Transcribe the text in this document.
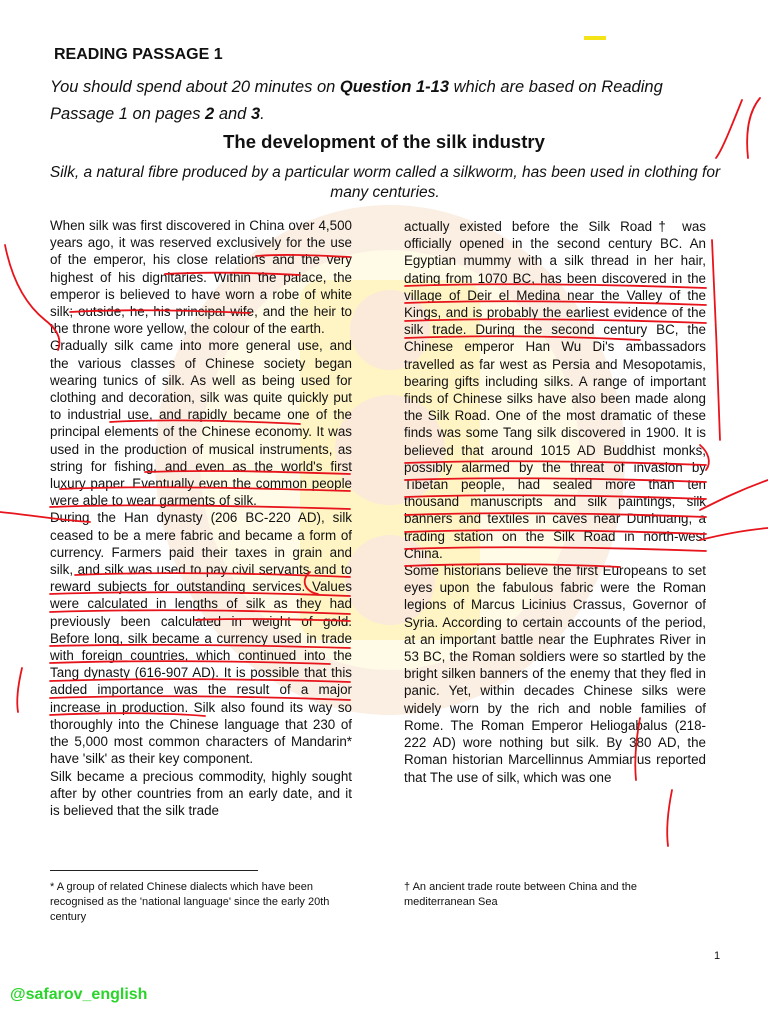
READING PASSAGE 1
You should spend about 20 minutes on Question 1-13 which are based on Reading Passage 1 on pages 2 and 3.
The development of the silk industry
Silk, a natural fibre produced by a particular worm called a silkworm, has been used in clothing for many centuries.

When silk was first discovered in China over 4,500 years ago, it was reserved exclusively for the use of the emperor, his close relations and the very highest of his dignitaries. Within the palace, the emperor is believed to have worn a robe of white silk; outside, he, his principal wife, and the heir to the throne wore yellow, the colour of the earth.

Gradually silk came into more general use, and the various classes of Chinese society began wearing tunics of silk. As well as being used for clothing and decoration, silk was quite quickly put to industrial use, and rapidly became one of the principal elements of the Chinese economy. It was used in the production of musical instruments, as string for fishing, and even as the world's first luxury paper. Eventually even the common people were able to wear garments of silk.

During the Han dynasty (206 BC-220 AD), silk ceased to be a mere fabric and became a form of currency. Farmers paid their taxes in grain and silk, and silk was used to pay civil servants and to reward subjects for outstanding services. Values were calculated in lengths of silk as they had previously been calculated in weight of gold. Before long, silk became a currency used in trade with foreign countries, which continued into the Tang dynasty (616-907 AD). It is possible that this added importance was the result of a major increase in production. Silk also found its way so thoroughly into the Chinese language that 230 of the 5,000 most common characters of Mandarin* have 'silk' as their key component.

Silk became a precious commodity, highly sought after by other countries from an early date, and it is believed that the silk trade

actually existed before the Silk Road† was officially opened in the second century BC. An Egyptian mummy with a silk thread in her hair, dating from 1070 BC, has been discovered in the village of Deir el Medina near the Valley of the Kings, and is probably the earliest evidence of the silk trade. During the second century BC, the Chinese emperor Han Wu Di's ambassadors travelled as far west as Persia and Mesopotamis, bearing gifts including silks. A range of important finds of Chinese silks have also been made along the Silk Road. One of the most dramatic of these finds was some Tang silk discovered in 1900. It is believed that around 1015 AD Buddhist monks, possibly alarmed by the threat of invasion by Tibetan people, had sealed more than ten thousand manuscripts and silk paintings, silk banners and textiles in caves near Dunhuang, a trading station on the Silk Road in north-west China.

Some historians believe the first Europeans to set eyes upon the fabulous fabric were the Roman legions of Marcus Licinius Crassus, Governor of Syria. According to certain accounts of the period, at an important battle near the Euphrates River in 53 BC, the Roman soldiers were so startled by the bright silken banners of the enemy that they fled in panic. Yet, within decades Chinese silks were widely worn by the rich and noble families of Rome. The Roman Emperor Heliogabalus (218-222 AD) wore nothing but silk. By 380 AD, the Roman historian Marcellinnus Ammianus reported that The use of silk, which was one

* A group of related Chinese dialects which have been recognised as the 'national language' since the early 20th century
† An ancient trade route between China and the mediterranean Sea
1
@safarov_english
